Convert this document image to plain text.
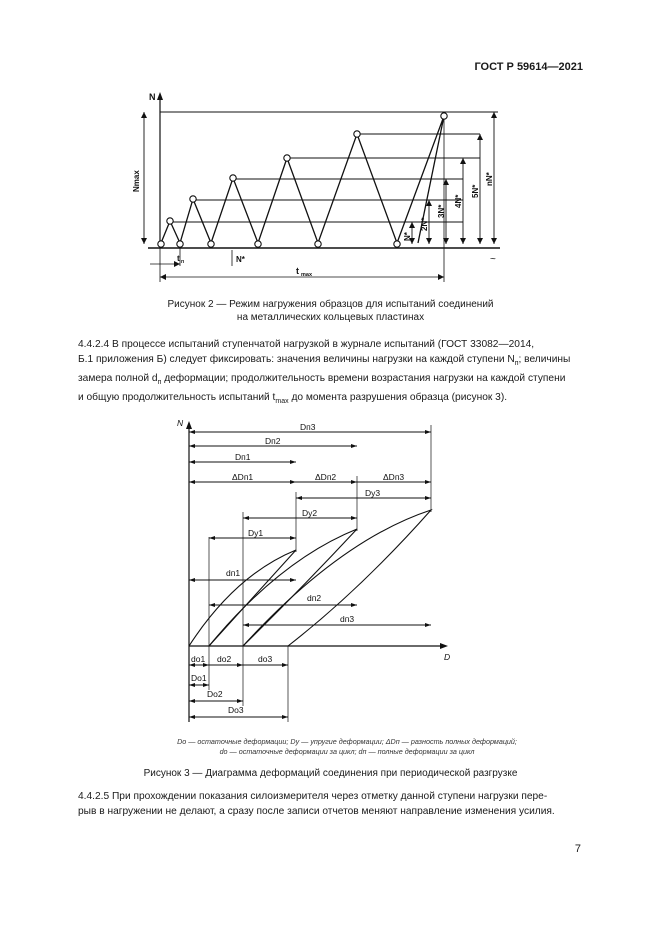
ГОСТ Р 59614—2021
N
Nmax
N*
2N*
3N*
4N*
5N*
nN*
t п	N*
t max
~
Рисунок 2 — Режим нагружения образцов для испытаний соединений
на металлических кольцевых пластинах

4.4.2.4 В процессе испытаний ступенчатой нагрузкой в журнале испытаний (ГОСТ 33082—2014,

Б.1 приложения Б) следует фиксировать: значения величины нагрузки на каждой ступени $N_п$; величины

замера полной $d_п$ деформации; продолжительность времени возрастания нагрузки на каждой ступени

и общую продолжительность испытаний $t_{max}$ до момента разрушения образца (рисунок 3).

N
D
Dп3
Dп2
Dп1
ΔDп1	ΔDп2	ΔDп3
Dу3
Dу2
Dу1
dп1
dп2
dп3
dо1 dо2	dо3
Dо1
Dо2
Dо3
Dо — остаточные деформации; Dу — упругие деформации; ΔDп — разность полных деформаций;
dо — остаточные деформации за цикл; dп — полные деформации за цикл
Рисунок 3 — Диаграмма деформаций соединения при периодической разгрузке

4.4.2.5 При прохождении показания силоизмерителя через отметку данной ступени нагрузки пере-

рыв в нагружении не делают, а сразу после записи отчетов меняют направление изменения усилия.

7
